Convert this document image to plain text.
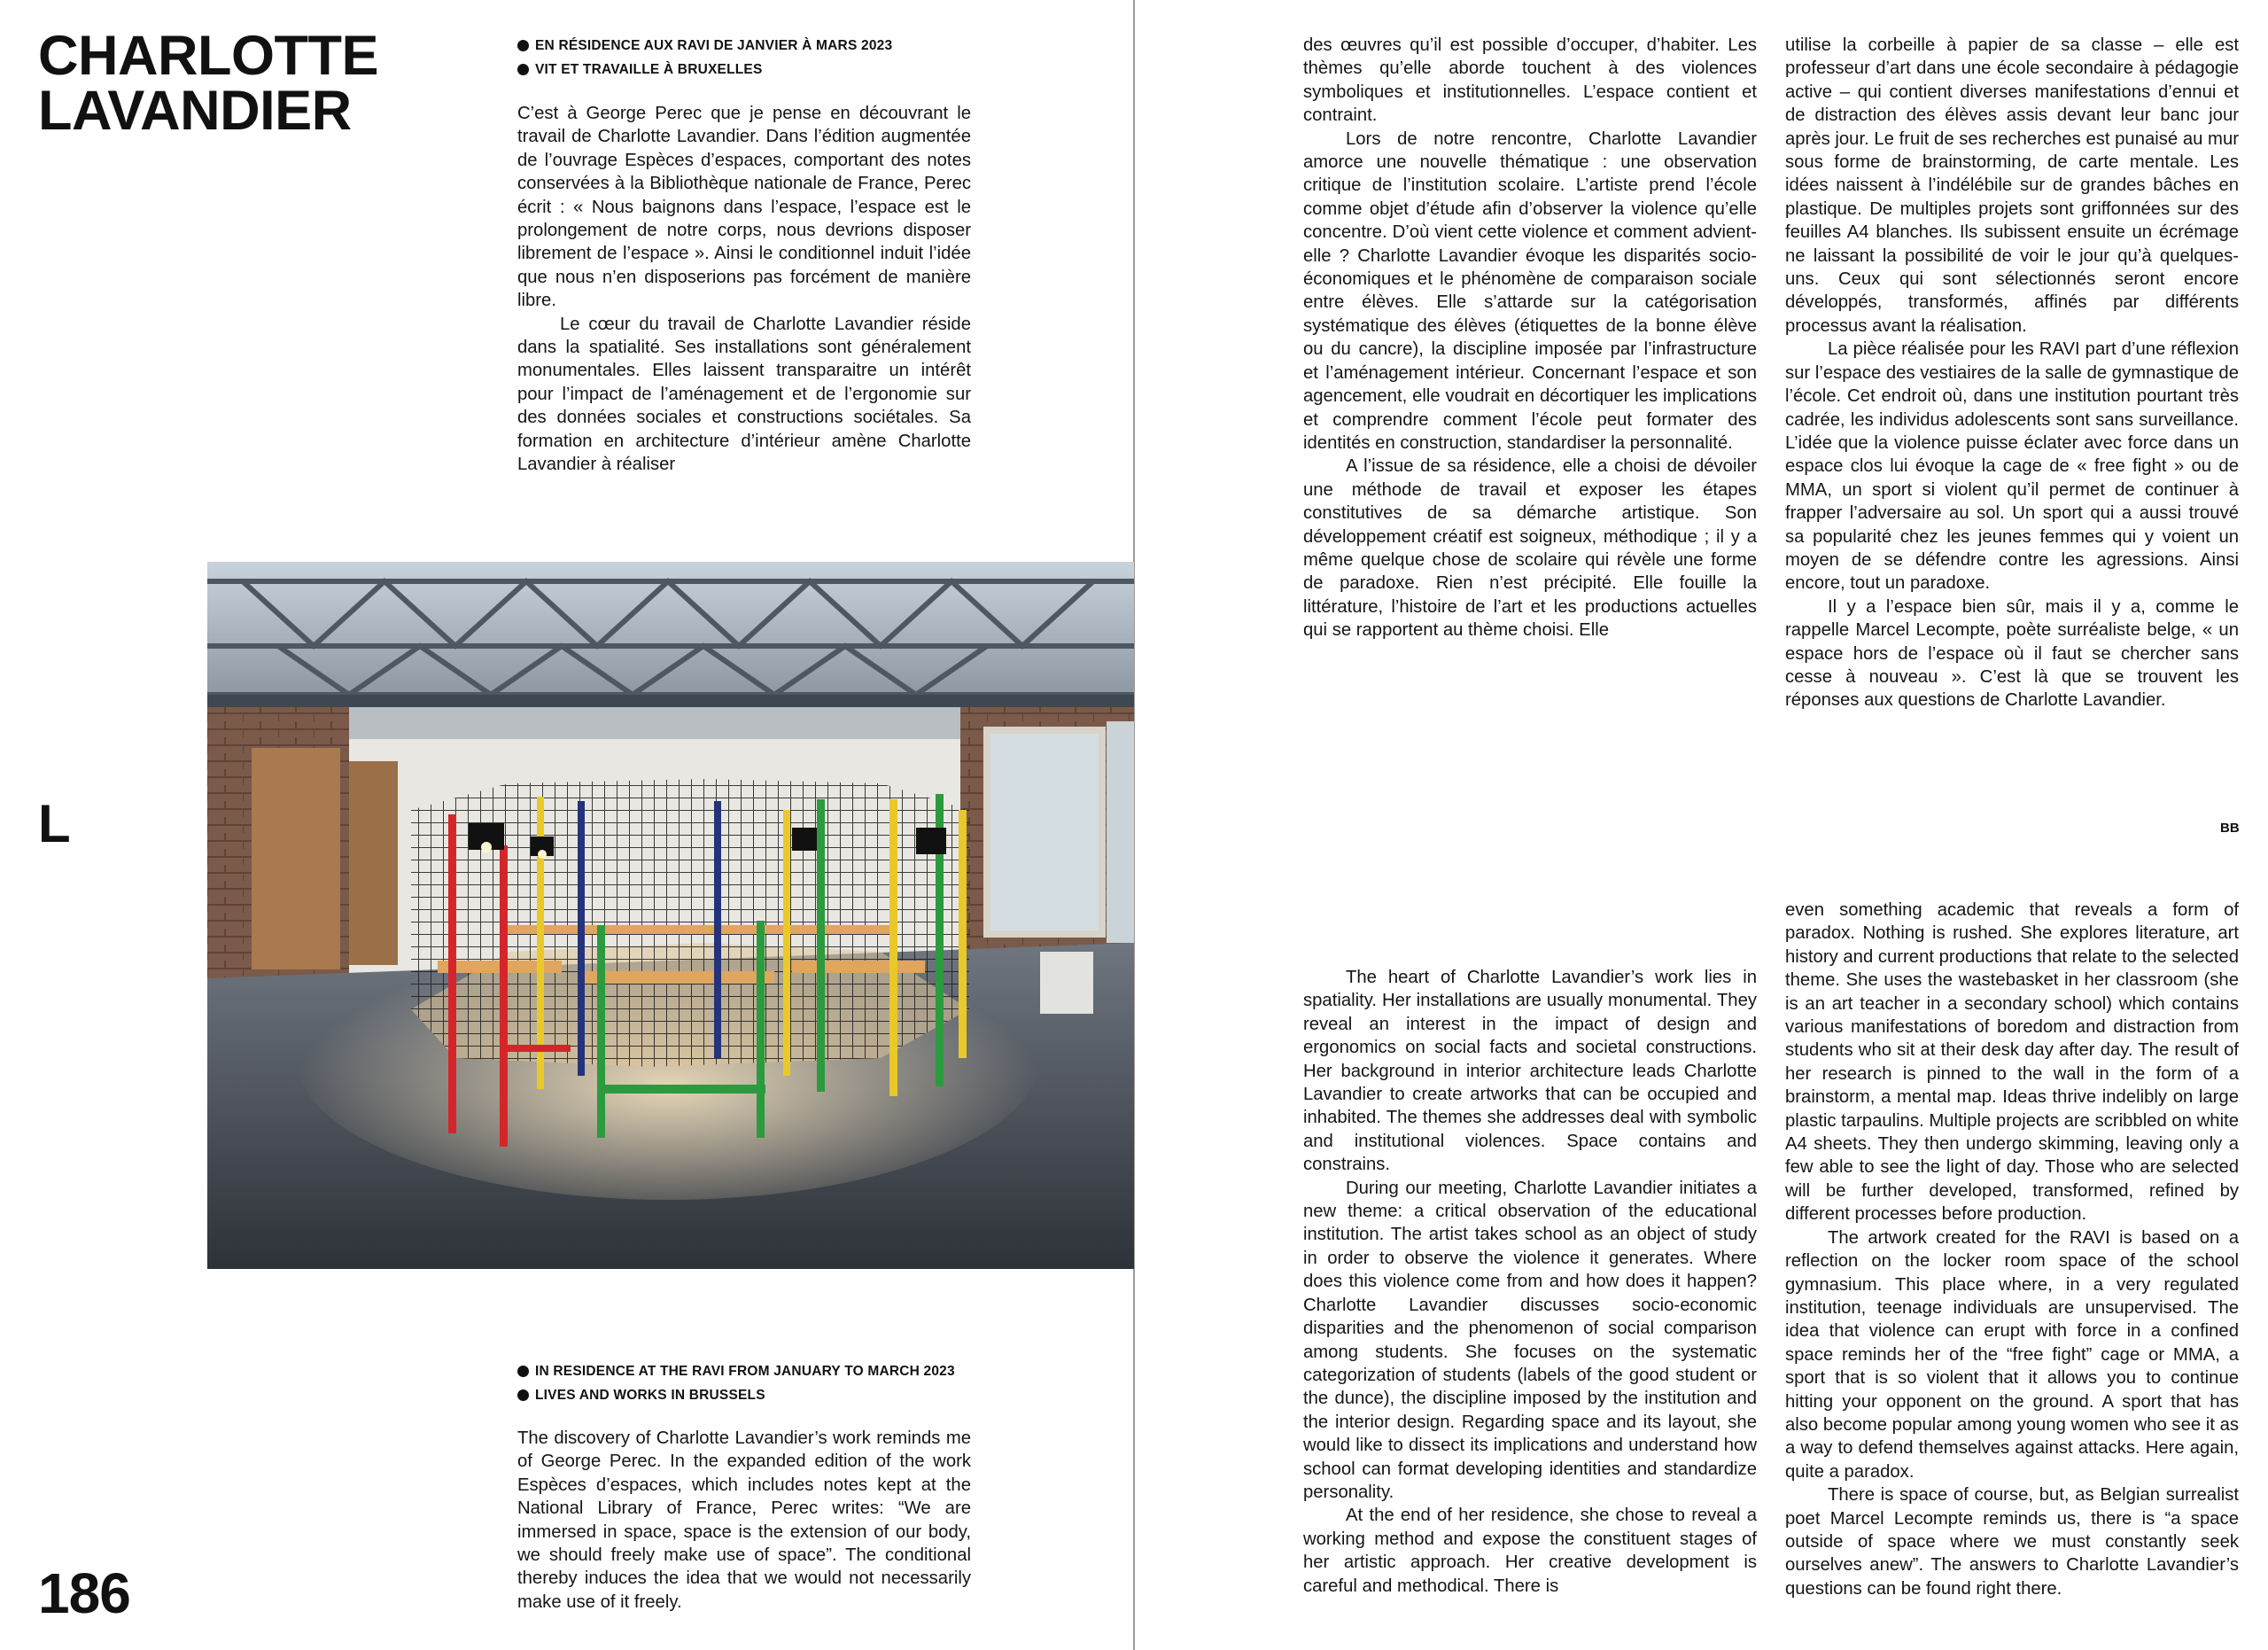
CHARLOTTE
LAVANDIER
EN RÉSIDENCE AUX RAVI DE JANVIER À MARS 2023
VIT ET TRAVAILLE À BRUXELLES

C’est à George Perec que je pense en découvrant le travail de Charlotte Lavandier. Dans l’édition augmentée de l’ouvrage Espèces d’espaces, comportant des notes conservées à la Bibliothèque nationale de France, Perec écrit : « Nous baignons dans l’espace, l’espace est le prolongement de notre corps, nous devrions disposer librement de l’espace ». Ainsi le conditionnel induit l’idée que nous n’en disposerions pas forcément de manière libre.

Le cœur du travail de Charlotte Lavandier réside dans la spatialité. Ses installations sont généralement monumentales. Elles laissent transparaitre un intérêt pour l’impact de l’aménagement et de l’ergonomie sur des données sociales et constructions sociétales. Sa formation en architecture d’intérieur amène Charlotte Lavandier à réaliser

L
IN RESIDENCE AT THE RAVI FROM JANUARY TO MARCH 2023
LIVES AND WORKS IN BRUSSELS

The discovery of Charlotte Lavandier’s work reminds me of George Perec. In the expanded edition of the work Espèces d’espaces, which includes notes kept at the National Library of France, Perec writes: “We are immersed in space, space is the extension of our body, we should freely make use of space”. The conditional thereby induces the idea that we would not necessarily make use of it freely.

186

des œuvres qu’il est possible d’occuper, d’habiter. Les thèmes qu’elle aborde touchent à des violences symboliques et institutionnelles. L’espace contient et contraint.

Lors de notre rencontre, Charlotte Lavandier amorce une nouvelle thématique : une observation critique de l’institution scolaire. L’artiste prend l’école comme objet d’étude afin d’observer la violence qu’elle concentre. D’où vient cette violence et comment advient-elle ? Charlotte Lavandier évoque les disparités socio-économiques et le phénomène de comparaison sociale entre élèves. Elle s’attarde sur la catégorisation systématique des élèves (étiquettes de la bonne élève ou du cancre), la discipline imposée par l’infrastructure et l’aménagement intérieur. Concernant l’espace et son agencement, elle voudrait en décortiquer les implications et comprendre comment l’école peut formater des identités en construction, standardiser la personnalité.

A l’issue de sa résidence, elle a choisi de dévoiler une méthode de travail et exposer les étapes constitutives de sa démarche artistique. Son développement créatif est soigneux, méthodique ; il y a même quelque chose de scolaire qui révèle une forme de paradoxe. Rien n’est précipité. Elle fouille la littérature, l’histoire de l’art et les productions actuelles qui se rapportent au thème choisi. Elle

utilise la corbeille à papier de sa classe – elle est professeur d’art dans une école secondaire à pédagogie active – qui contient diverses manifestations d’ennui et de distraction des élèves assis devant leur banc jour après jour. Le fruit de ses recherches est punaisé au mur sous forme de brainstorming, de carte mentale. Les idées naissent à l’indélébile sur de grandes bâches en plastique. De multiples projets sont griffonnées sur des feuilles A4 blanches. Ils subissent ensuite un écrémage ne laissant la possibilité de voir le jour qu’à quelques-uns. Ceux qui sont sélectionnés seront encore développés, transformés, affinés par différents processus avant la réalisation.

La pièce réalisée pour les RAVI part d’une réflexion sur l’espace des vestiaires de la salle de gymnastique de l’école. Cet endroit où, dans une institution pourtant très cadrée, les individus adolescents sont sans surveillance. L’idée que la violence puisse éclater avec force dans un espace clos lui évoque la cage de « free fight » ou de MMA, un sport si violent qu’il permet de continuer à frapper l’adversaire au sol. Un sport qui a aussi trouvé sa popularité chez les jeunes femmes qui y voient un moyen de se défendre contre les agressions. Ainsi encore, tout un paradoxe.

Il y a l’espace bien sûr, mais il y a, comme le rappelle Marcel Lecompte, poète surréaliste belge, « un espace hors de l’espace où il faut se chercher sans cesse à nouveau ». C’est là que se trouvent les réponses aux questions de Charlotte Lavandier.

BB

The heart of Charlotte Lavandier’s work lies in spatiality. Her installations are usually monumental. They reveal an interest in the impact of design and ergonomics on social facts and societal constructions. Her background in interior architecture leads Charlotte Lavandier to create artworks that can be occupied and inhabited. The themes she addresses deal with symbolic and institutional violences. Space contains and constrains.

During our meeting, Charlotte Lavandier initiates a new theme: a critical observation of the educational institution. The artist takes school as an object of study in order to observe the violence it generates. Where does this violence come from and how does it happen? Charlotte Lavandier discusses socio-economic disparities and the phenomenon of social comparison among students. She focuses on the systematic categorization of students (labels of the good student or the dunce), the discipline imposed by the institution and the interior design. Regarding space and its layout, she would like to dissect its implications and understand how school can format developing identities and standardize personality.

At the end of her residence, she chose to reveal a working method and expose the constituent stages of her artistic approach. Her creative development is careful and methodical. There is

even something academic that reveals a form of paradox. Nothing is rushed. She explores literature, art history and current productions that relate to the selected theme. She uses the wastebasket in her classroom (she is an art teacher in a secondary school) which contains various manifestations of boredom and distraction from students who sit at their desk day after day. The result of her research is pinned to the wall in the form of a brainstorm, a mental map. Ideas thrive indelibly on large plastic tarpaulins. Multiple projects are scribbled on white A4 sheets. They then undergo skimming, leaving only a few able to see the light of day. Those who are selected will be further developed, transformed, refined by different processes before production.

The artwork created for the RAVI is based on a reflection on the locker room space of the school gymnasium. This place where, in a very regulated institution, teenage individuals are unsupervised. The idea that violence can erupt with force in a confined space reminds her of the “free fight” cage or MMA, a sport that is so violent that it allows you to continue hitting your opponent on the ground. A sport that has also become popular among young women who see it as a way to defend themselves against attacks. Here again, quite a paradox.

There is space of course, but, as Belgian surrealist poet Marcel Lecompte reminds us, there is “a space outside of space where we must constantly seek ourselves anew”. The answers to Charlotte Lavandier’s questions can be found right there.
